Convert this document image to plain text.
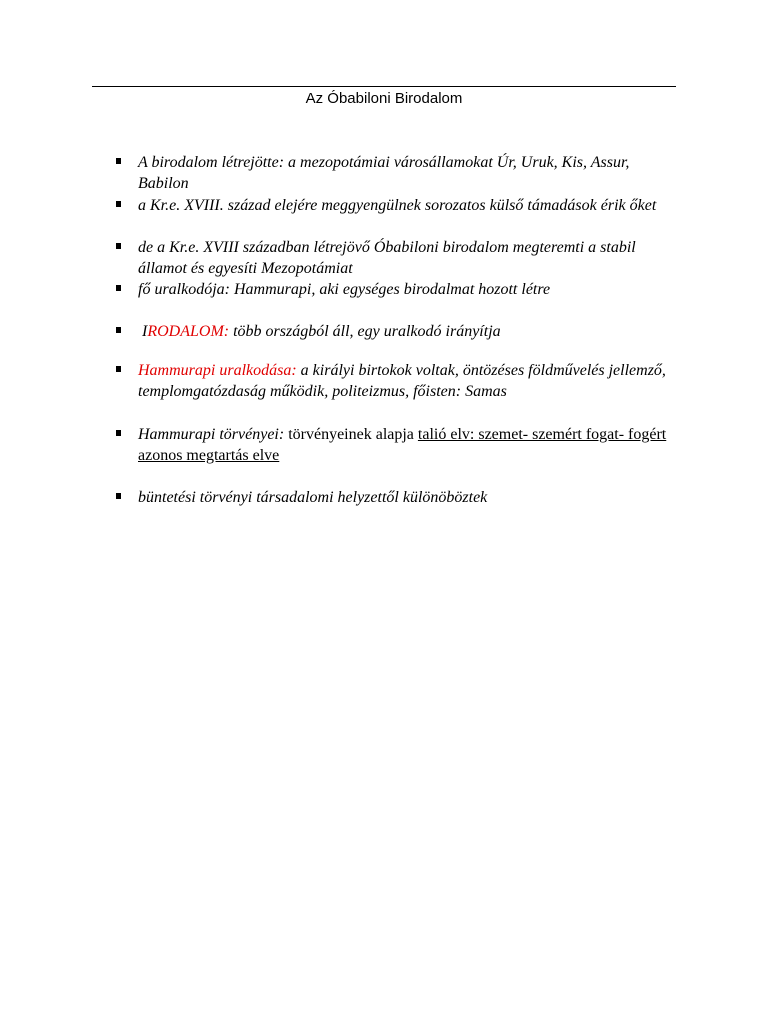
Az Óbabiloni Birodalom
A birodalom létrejötte: a mezopotámiai városállamokat Úr, Uruk, Kis, Assur, Babilon
a Kr.e. XVIII. század elejére meggyengülnek sorozatos külső támadások érik őket
de a Kr.e. XVIII században létrejövő Óbabiloni birodalom megteremti a stabil államot és egyesíti Mezopotámiat
fő uralkodója: Hammurapi, aki egységes birodalmat hozott létre
IRODALOM: több országból áll, egy uralkodó irányítja
Hammurapi uralkodása: a királyi birtokok voltak, öntözéses földművelés jellemző, templomgatózdaság működik, politeizmus, főisten: Samas
Hammurapi törvényei: törvényeinek alapja talió elv: szemet- szemért fogat- fogért azonos megtartás elve
büntetési törvényi társadalomi helyzettől különöböztek
